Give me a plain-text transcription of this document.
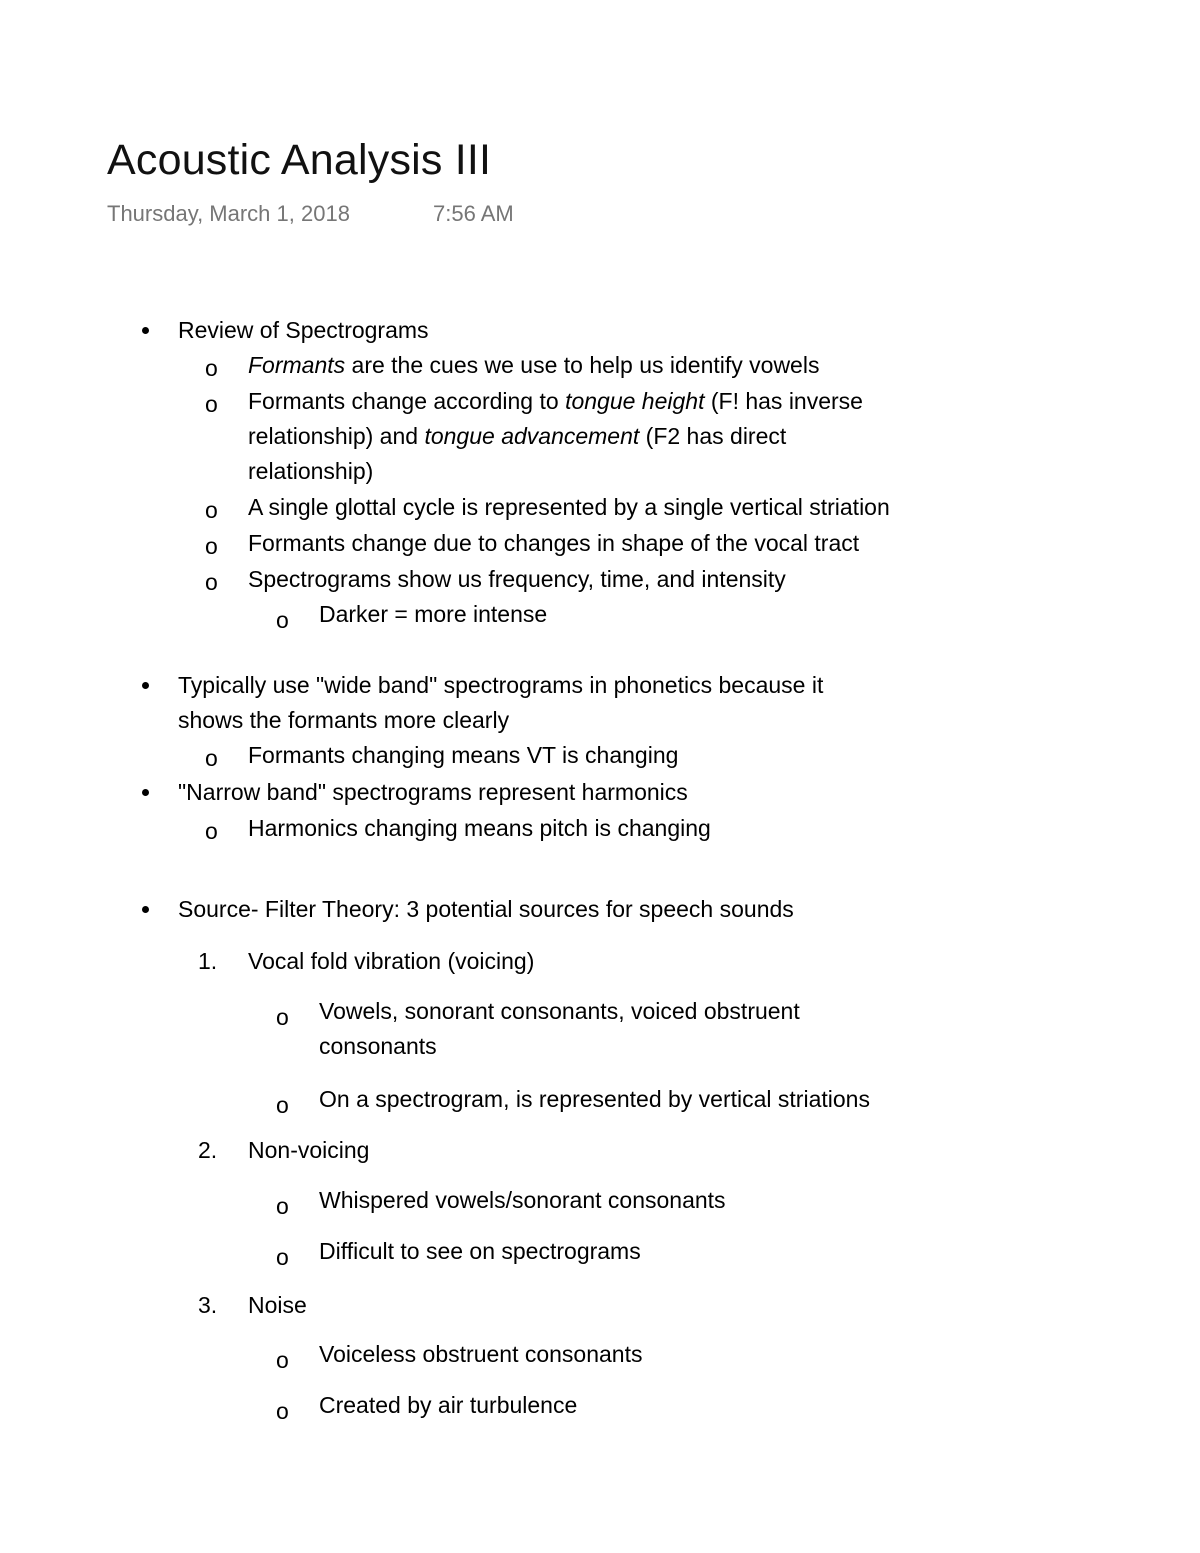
Acoustic Analysis III
Thursday, March 1, 2018	7:56 AM
Review of Spectrograms
o Formants are the cues we use to help us identify vowels
o Formants change according to tongue height (F! has inverse
relationship) and tongue advancement (F2 has direct
relationship)
o A single glottal cycle is represented by a single vertical striation
o Formants change due to changes in shape of the vocal tract
o Spectrograms show us frequency, time, and intensity
o Darker = more intense
Typically use "wide band" spectrograms in phonetics because it
shows the formants more clearly
o Formants changing means VT is changing
"Narrow band" spectrograms represent harmonics
o Harmonics changing means pitch is changing
Source- Filter Theory: 3 potential sources for speech sounds
1. Vocal fold vibration (voicing)
o Vowels, sonorant consonants, voiced obstruent
consonants
o On a spectrogram, is represented by vertical striations
2. Non-voicing
o Whispered vowels/sonorant consonants
o Difficult to see on spectrograms
3. Noise
o Voiceless obstruent consonants
o Created by air turbulence
